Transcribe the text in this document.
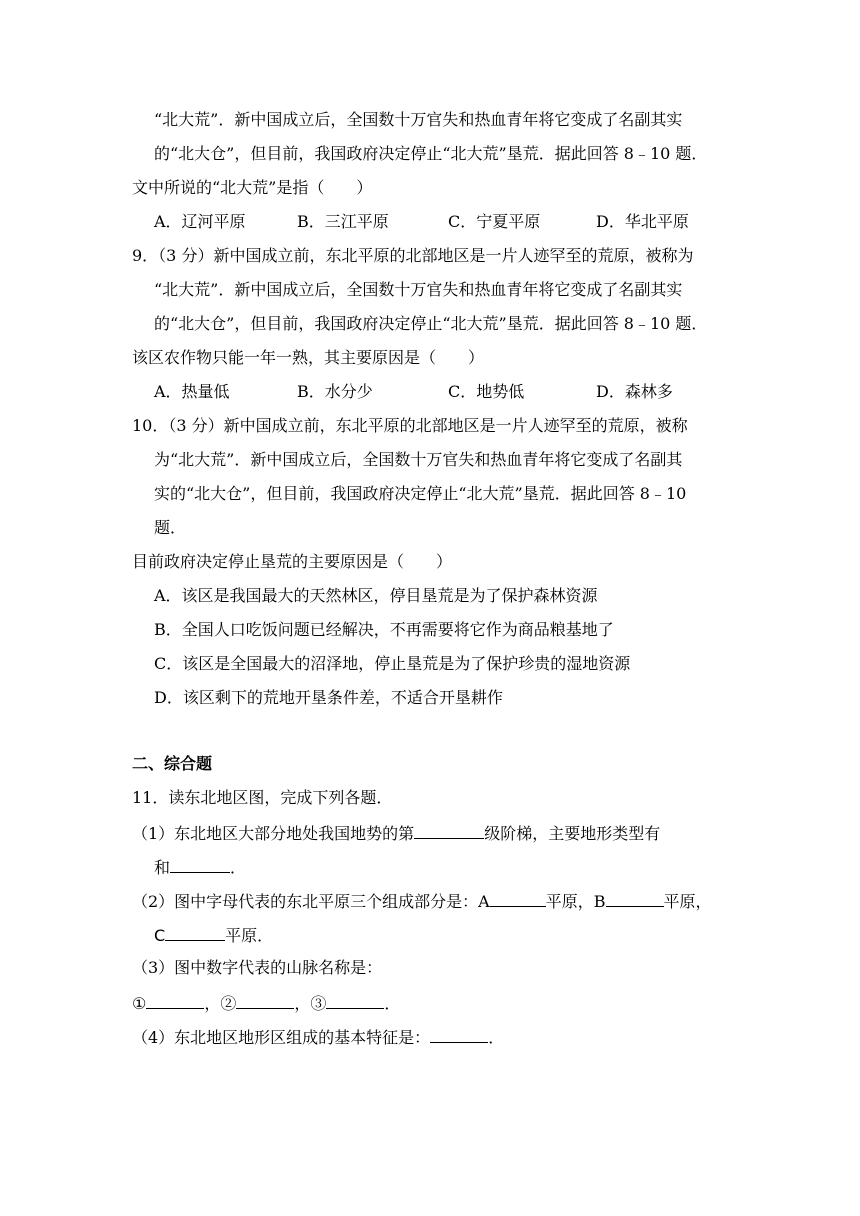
“北大荒”．新中国成立后，全国数十万官失和热血青年将它变成了名副其实
的“北大仓”，但目前，我国政府决定停止“北大荒”垦荒．据此回答 8﹣10 题．
文中所说的“北大荒”是指（　　）
A．辽河平原	B．三江平原	C．宁夏平原	D．华北平原
9．（3 分）新中国成立前，东北平原的北部地区是一片人迹罕至的荒原，被称为
“北大荒”．新中国成立后，全国数十万官失和热血青年将它变成了名副其实
的“北大仓”，但目前，我国政府决定停止“北大荒”垦荒．据此回答 8﹣10 题．
该区农作物只能一年一熟，其主要原因是（　　）
A．热量低	B．水分少	C．地势低	D．森林多
10．（3 分）新中国成立前，东北平原的北部地区是一片人迹罕至的荒原，被称
为“北大荒”．新中国成立后，全国数十万官失和热血青年将它变成了名副其
实的“北大仓”，但目前，我国政府决定停止“北大荒”垦荒．据此回答 8﹣10
题．
目前政府决定停止垦荒的主要原因是（　　）
A．该区是我国最大的天然林区，停目垦荒是为了保护森林资源
B．全国人口吃饭问题已经解决，不再需要将它作为商品粮基地了
C．该区是全国最大的沼泽地，停止垦荒是为了保护珍贵的湿地资源
D．该区剩下的荒地开垦条件差，不适合开垦耕作
二、综合题
11．读东北地区图，完成下列各题．
（1）东北地区大部分地处我国地势的第	级阶梯，主要地形类型有
和	．
（2）图中字母代表的东北平原三个组成部分是：A	平原，B	平原，
C	平原．
（3）图中数字代表的山脉名称是：
①	，②	，③	．
（4）东北地区地形区组成的基本特征是：	．
